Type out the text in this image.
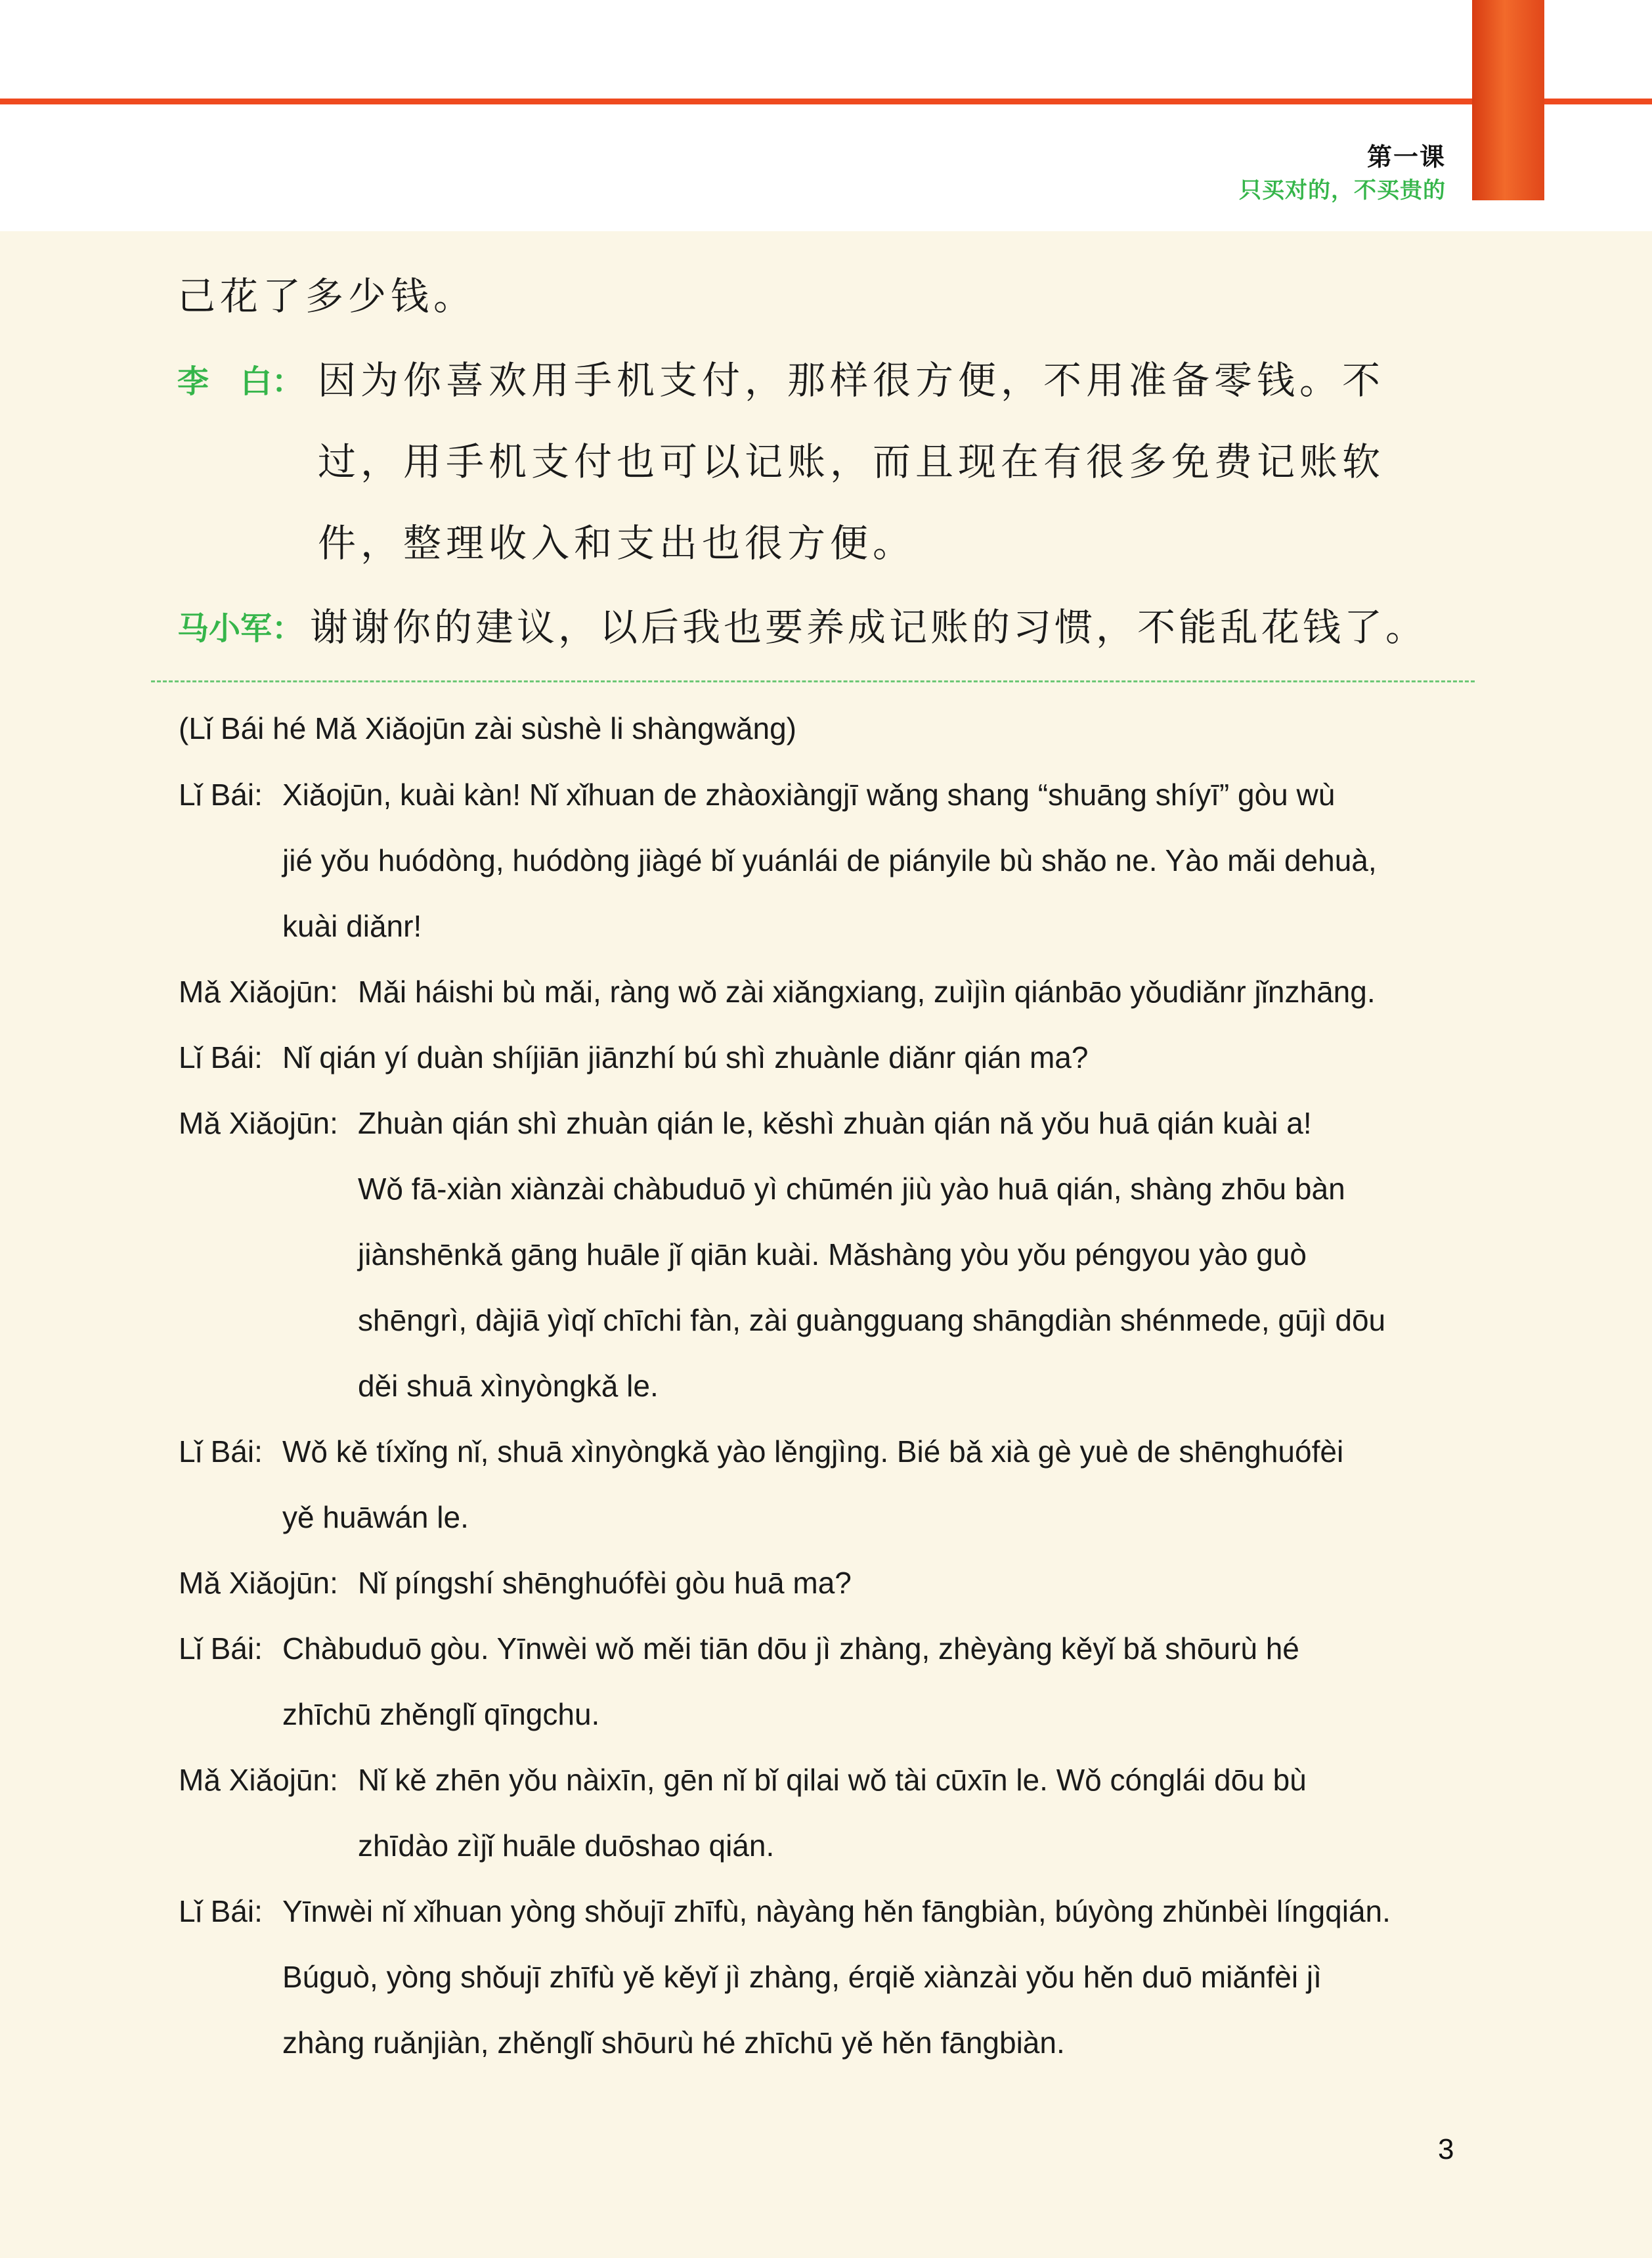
第一课
只买对的，不买贵的
己花了多少钱。
李　白： 因为你喜欢用手机支付，那样很方便，不用准备零钱。不
过，用手机支付也可以记账，而且现在有很多免费记账软
件，整理收入和支出也很方便。
马小军： 谢谢你的建议，以后我也要养成记账的习惯，不能乱花钱了。
(Lǐ Bái hé Mǎ Xiǎojūn zài sùshè li shàngwǎng)
Lǐ Bái: Xiǎojūn, kuài kàn! Nǐ xǐhuan de zhàoxiàngjī wǎng shang “shuāng shíyī” gòu wù
jié yǒu huódòng, huódòng jiàgé bǐ yuánlái de piányile bù shǎo ne. Yào mǎi dehuà,
kuài diǎnr!
Mǎ Xiǎojūn: Mǎi háishi bù mǎi, ràng wǒ zài xiǎngxiang, zuìjìn qiánbāo yǒudiǎnr jǐnzhāng.
Lǐ Bái: Nǐ qián yí duàn shíjiān jiānzhí bú shì zhuànle diǎnr qián ma?
Mǎ Xiǎojūn: Zhuàn qián shì zhuàn qián le, kěshì zhuàn qián nǎ yǒu huā qián kuài a!
Wǒ fā-xiàn xiànzài chàbuduō yì chūmén jiù yào huā qián, shàng zhōu bàn
jiànshēnkǎ gāng huāle jǐ qiān kuài. Mǎshàng yòu yǒu péngyou yào guò
shēngrì, dàjiā yìqǐ chīchi fàn, zài guàngguang shāngdiàn shénmede, gūjì dōu
děi shuā xìnyòngkǎ le.
Lǐ Bái: Wǒ kě tíxǐng nǐ, shuā xìnyòngkǎ yào lěngjìng. Bié bǎ xià gè yuè de shēnghuófèi
yě huāwán le.
Mǎ Xiǎojūn: Nǐ píngshí shēnghuófèi gòu huā ma?
Lǐ Bái: Chàbuduō gòu. Yīnwèi wǒ měi tiān dōu jì zhàng, zhèyàng kěyǐ bǎ shōurù hé
zhīchū zhěnglǐ qīngchu.
Mǎ Xiǎojūn: Nǐ kě zhēn yǒu nàixīn, gēn nǐ bǐ qilai wǒ tài cūxīn le. Wǒ cónglái dōu bù
zhīdào zìjǐ huāle duōshao qián.
Lǐ Bái: Yīnwèi nǐ xǐhuan yòng shǒujī zhīfù, nàyàng hěn fāngbiàn, búyòng zhǔnbèi língqián.
Búguò, yòng shǒujī zhīfù yě kěyǐ jì zhàng, érqiě xiànzài yǒu hěn duō miǎnfèi jì
zhàng ruǎnjiàn, zhěnglǐ shōurù hé zhīchū yě hěn fāngbiàn.
3
